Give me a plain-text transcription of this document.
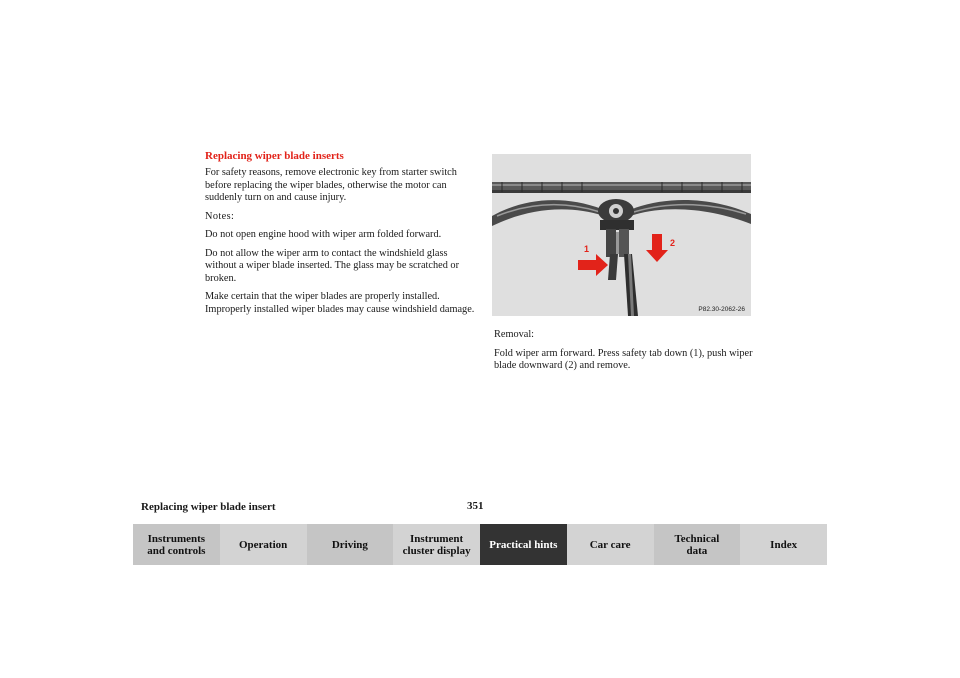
Replacing wiper blade inserts

For safety reasons, remove electronic key from starter switch before replacing the wiper blades, otherwise the motor can suddenly turn on and cause injury.

Notes:

Do not open engine hood with wiper arm folded forward.

Do not allow the wiper arm to contact the windshield glass without a wiper blade inserted. The glass may be scratched or broken.

Make certain that the wiper blades are properly installed. Improperly installed wiper blades may cause windshield damage.

1
2
P82.30-2062-26

Removal:

Fold wiper arm forward. Press safety tab down (1), push wiper blade downward (2) and remove.

Replacing wiper blade insert	351
Instruments
and controls	Operation	Driving	Instrument
cluster display	Practical hints	Car care	Technical
data	Index
